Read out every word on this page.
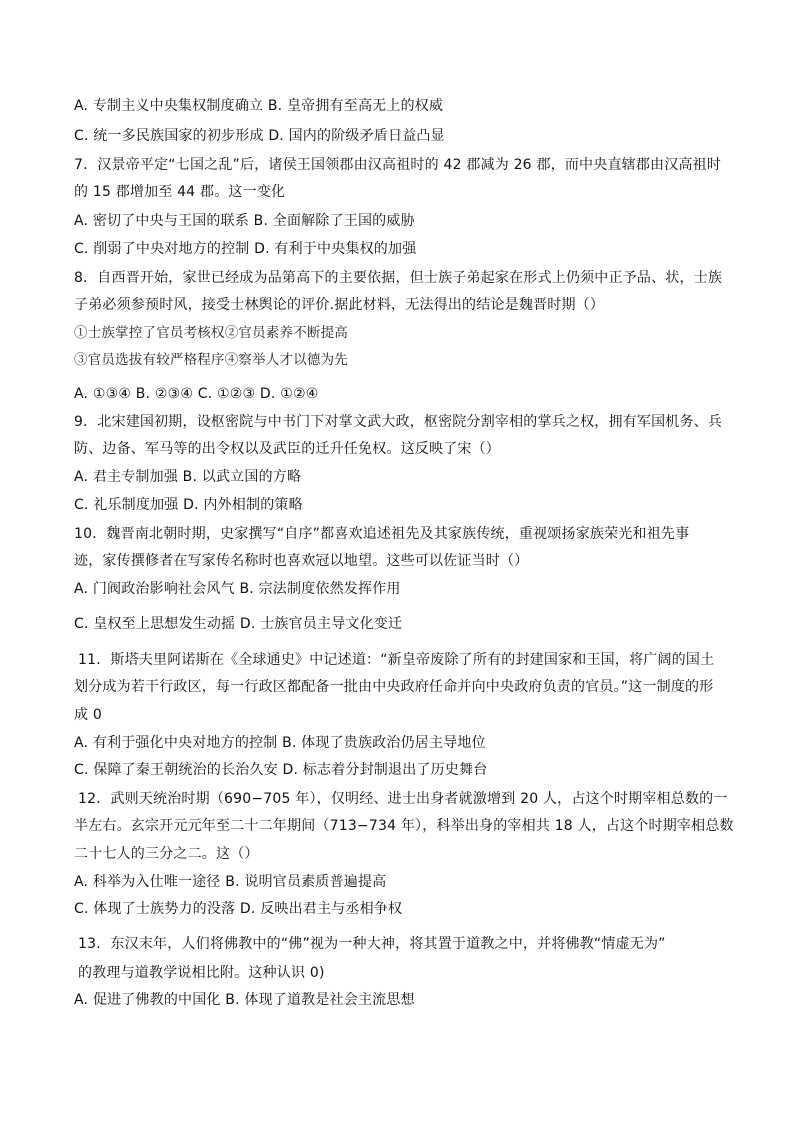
A. 专制主义中央集权制度确立 B. 皇帝拥有至高无上的权威
C. 统一多民族国家的初步形成 D. 国内的阶级矛盾日益凸显
7．汉景帝平定“七国之乱”后，诸侯王国领郡由汉高祖时的 42 郡减为 26 郡，而中央直辖郡由汉高祖时
的 15 郡增加至 44 郡。这一变化
A. 密切了中央与王国的联系 B. 全面解除了王国的威胁
C. 削弱了中央对地方的控制 D. 有利于中央集权的加强
8．自西晋开始，家世已经成为品第高下的主要依据，但士族子弟起家在形式上仍须中正予品、状，士族
子弟必须参预时风，接受士林舆论的评价.据此材料，无法得出的结论是魏晋时期（）
①士族掌控了官员考核权②官员素养不断提高
③官员选拔有较严格程序④察举人才以德为先
A. ①③④ B. ②③④ C. ①②③ D. ①②④
9．北宋建国初期，设枢密院与中书门下对掌文武大政，枢密院分割宰相的掌兵之权，拥有军国机务、兵
防、边备、军马等的出令权以及武臣的迁升任免权。这反映了宋（）
A. 君主专制加强 B. 以武立国的方略
C. 礼乐制度加强 D. 内外相制的策略
10．魏晋南北朝时期，史家撰写“自序”都喜欢追述祖先及其家族传统，重视颂扬家族荣光和祖先事
迹，家传撰修者在写家传名称时也喜欢冠以地望。这些可以佐证当时（）
A. 门阀政治影响社会风气 B. 宗法制度依然发挥作用
C. 皇权至上思想发生动摇 D. 士族官员主导文化变迁
11．斯塔夫里阿诺斯在《全球通史》中记述道：“新皇帝废除了所有的封建国家和王国，将广阔的国土
划分成为若干行政区，每一行政区都配备一批由中央政府任命并向中央政府负责的官员。”这一制度的形
成 0
A. 有利于强化中央对地方的控制 B. 体现了贵族政治仍居主导地位
C. 保障了秦王朝统治的长治久安 D. 标志着分封制退出了历史舞台
12．武则天统治时期（690−705 年），仅明经、进士出身者就激增到 20 人，占这个时期宰相总数的一
半左右。玄宗开元元年至二十二年期间（713−734 年），科举出身的宰相共 18 人，占这个时期宰相总数
二十七人的三分之二。这（）
A. 科举为入仕唯一途径 B. 说明官员素质普遍提高
C. 体现了士族势力的没落 D. 反映出君主与丞相争权
13．东汉末年，人们将佛教中的“佛”视为一种大神，将其置于道教之中，并将佛教“情虚无为”
的教理与道教学说相比附。这种认识 0)
A. 促进了佛教的中国化 B. 体现了道教是社会主流思想
